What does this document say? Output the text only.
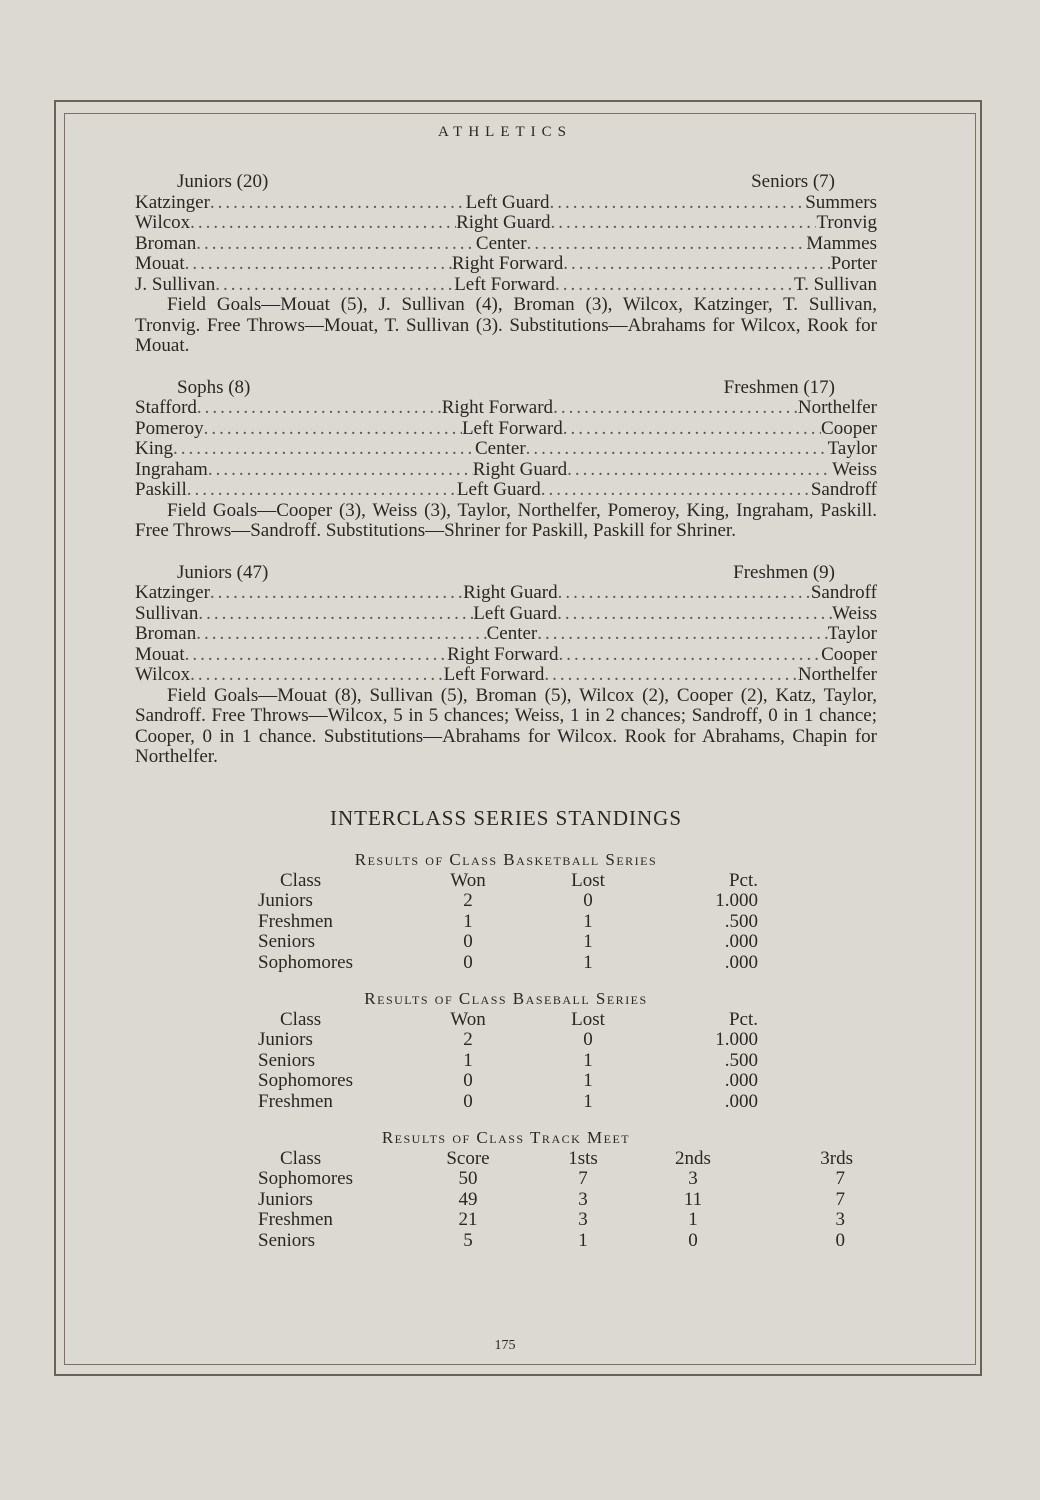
ATHLETICS
Juniors (20)	Seniors (7)
Katzinger .....	Left Guard .....	Summers
Wilcox .....	Right Guard .....	Tronvig
Broman .....	Center .....	Mammes
Mouat .....	Right Forward .....	Porter
J. Sullivan .....	Left Forward .....	T. Sullivan
Field Goals—Mouat (5), J. Sullivan (4), Broman (3), Wilcox, Katzinger, T. Sullivan, Tronvig. Free Throws—Mouat, T. Sullivan (3). Substitutions—Abrahams for Wilcox, Rook for Mouat.
Sophs (8)	Freshmen (17)
Stafford .....	Right Forward .....	Northelfer
Pomeroy .....	Left Forward .....	Cooper
King .....	Center .....	Taylor
Ingraham .....	Right Guard .....	Weiss
Paskill .....	Left Guard .....	Sandroff
Field Goals—Cooper (3), Weiss (3), Taylor, Northelfer, Pomeroy, King, Ingraham, Paskill. Free Throws—Sandroff. Substitutions—Shriner for Paskill, Paskill for Shriner.
Juniors (47)	Freshmen (9)
Katzinger .....	Right Guard .....	Sandroff
Sullivan .....	Left Guard .....	Weiss
Broman .....	Center .....	Taylor
Mouat .....	Right Forward .....	Cooper
Wilcox .....	Left Forward .....	Northelfer
Field Goals—Mouat (8), Sullivan (5), Broman (5), Wilcox (2), Cooper (2), Katz, Taylor, Sandroff. Free Throws—Wilcox, 5 in 5 chances; Weiss, 1 in 2 chances; Sandroff, 0 in 1 chance; Cooper, 0 in 1 chance. Substitutions—Abrahams for Wilcox. Rook for Abrahams, Chapin for Northelfer.
INTERCLASS SERIES STANDINGS
Results of Class Basketball Series
Class	Won	Lost	Pct.
Juniors	2	0	1.000
Freshmen	1	1	.500
Seniors	0	1	.000
Sophomores	0	1	.000
Results of Class Baseball Series
Class	Won	Lost	Pct.
Juniors	2	0	1.000
Seniors	1	1	.500
Sophomores	0	1	.000
Freshmen	0	1	.000
Results of Class Track Meet
Class	Score	1sts	2nds	3rds
Sophomores	50	7	3	7
Juniors	49	3	11	7
Freshmen	21	3	1	3
Seniors	5	1	0	0
175
